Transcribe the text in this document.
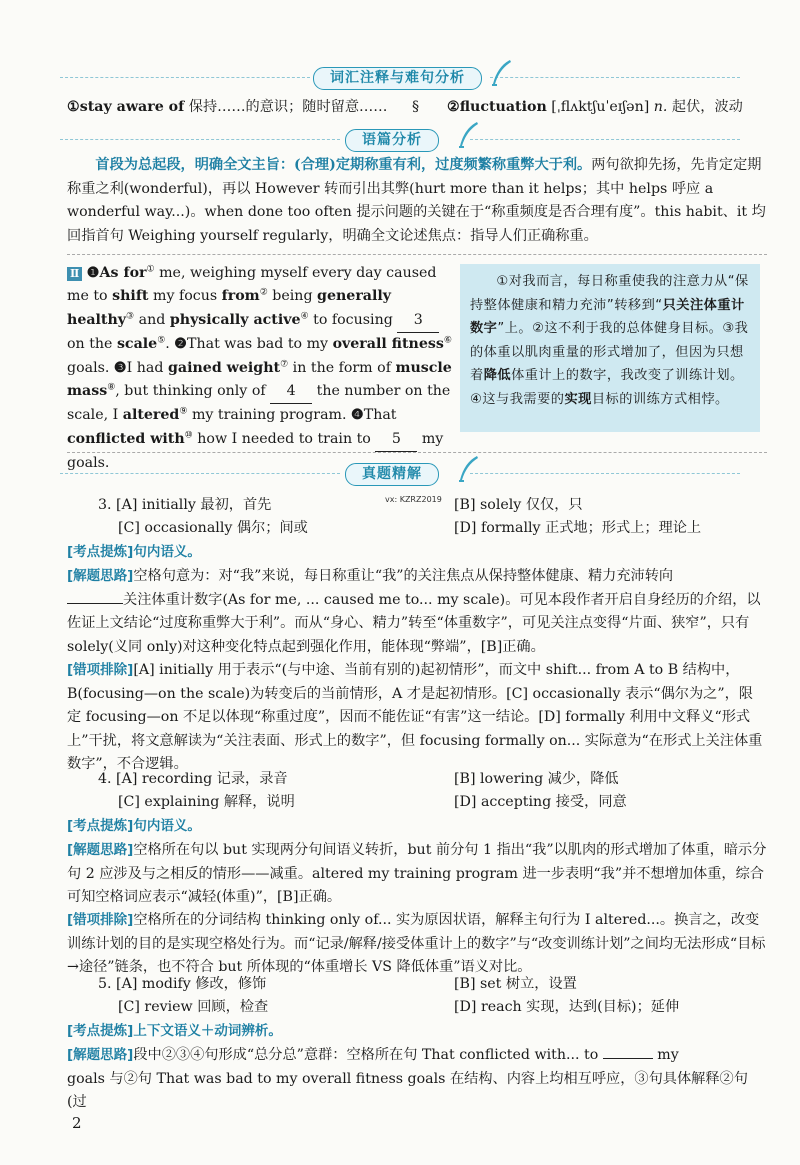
词汇注释与难句分析
①stay aware of 保持……的意识；随时留意…… § ②fluctuation [ˌflʌktʃuˈeɪʃən] n. 起伏，波动
语篇分析
首段为总起段，明确全文主旨：(合理)定期称重有利，过度频繁称重弊大于利。两句欲抑先扬，先肯定定期称重之利(wonderful)，再以 However 转而引出其弊(hurt more than it helps；其中 helps 呼应 a wonderful way...)。when done too often 提示问题的关键在于“称重频度是否合理有度”。this habit、it 均回指首句 Weighing yourself regularly，明确全文论述焦点：指导人们正确称重。
Ⅱ ❶As for① me, weighing myself every day caused me to shift my focus from② being generally healthy③ and physically active④ to focusing 3 on the scale⑤. ❷That was bad to my overall fitness⑥ goals. ❸I had gained weight⑦ in the form of muscle mass⑧, but thinking only of 4 the number on the scale, I altered⑨ my training program. ❹That conflicted with⑩ how I needed to train to 5 my goals.
①对我而言，每日称重使我的注意力从“保持整体健康和精力充沛”转移到“只关注体重计数字”上。②这不利于我的总体健身目标。③我的体重以肌肉重量的形式增加了，但因为只想着降低体重计上的数字，我改变了训练计划。④这与我需要的实现目标的训练方式相悖。
真题精解
vx: KZRZ2019
3. [A] initially 最初，首先	[B] solely 仅仅，只
[C] occasionally 偶尔；间或	[D] formally 正式地；形式上；理论上
[考点提炼]句内语义。
[解题思路]空格句意为：对“我”来说，每日称重让“我”的关注焦点从保持整体健康、精力充沛转向
关注体重计数字(As for me, ... caused me to... my scale)。可见本段作者开启自身经历的介绍，以佐证上文结论“过度称重弊大于利”。而从“身心、精力”转至“体重数字”，可见关注点变得“片面、狭窄”，只有 solely(义同 only)对这种变化特点起到强化作用，能体现“弊端”，[B]正确。
[错项排除][A] initially 用于表示“(与中途、当前有别的)起初情形”，而文中 shift... from A to B 结构中，B(focusing—on the scale)为转变后的当前情形，A 才是起初情形。[C] occasionally 表示“偶尔为之”，限定 focusing—on 不足以体现“称重过度”，因而不能佐证“有害”这一结论。[D] formally 利用中文释义“形式上”干扰，将文意解读为“关注表面、形式上的数字”，但 focusing formally on... 实际意为“在形式上关注体重数字”，不合逻辑。
4. [A] recording 记录，录音	[B] lowering 减少，降低
[C] explaining 解释，说明	[D] accepting 接受，同意
[考点提炼]句内语义。
[解题思路]空格所在句以 but 实现两分句间语义转折，but 前分句 1 指出“我”以肌肉的形式增加了体重，暗示分句 2 应涉及与之相反的情形——减重。altered my training program 进一步表明“我”并不想增加体重，综合可知空格词应表示“减轻(体重)”，[B]正确。
[错项排除]空格所在的分词结构 thinking only of... 实为原因状语，解释主句行为 I altered...。换言之，改变训练计划的目的是实现空格处行为。而“记录/解释/接受体重计上的数字”与“改变训练计划”之间均无法形成“目标→途径”链条，也不符合 but 所体现的“体重增长 VS 降低体重”语义对比。
5. [A] modify 修改，修饰	[B] set 树立，设置
[C] review 回顾，检查	[D] reach 实现，达到(目标)；延伸
[考点提炼]上下文语义＋动词辨析。
[解题思路]段中②③④句形成“总分总”意群：空格所在句 That conflicted with... to	my
goals 与②句 That was bad to my overall fitness goals 在结构、内容上均相互呼应，③句具体解释②句(过
2
